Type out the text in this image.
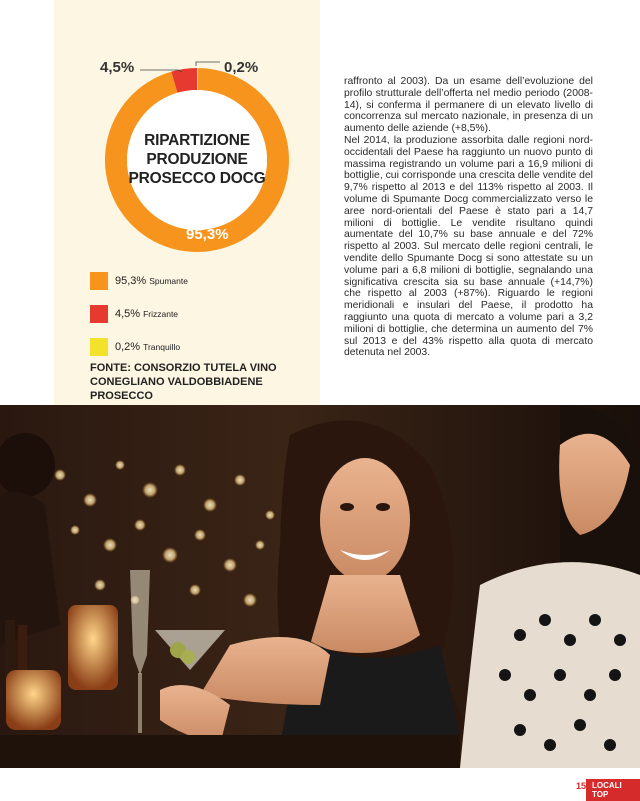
RIPARTIZIONE
PRODUZIONE
PROSECCO DOCG
4,5%	0,2%
95,3%
95,3% Spumante
4,5% Frizzante
0,2% Tranquillo
FONTE: CONSORZIO TUTELA VINO
CONEGLIANO VALDOBBIADENE PROSECCO

raffronto al 2003). Da un esame dell’evoluzione del profilo strutturale dell’offerta nel medio periodo (2008-14), si conferma il permanere di un elevato livello di concorrenza sul mercato nazionale, in presenza di un aumento delle aziende (+8,5%).

Nel 2014, la produzione assorbita dalle regioni nord-occidentali del Paese ha raggiunto un nuovo punto di massima registrando un volume pari a 16,9 milioni di bottiglie, cui corrisponde una crescita delle vendite del 9,7% rispetto al 2013 e del 113% rispetto al 2003. Il volume di Spumante Docg commercializzato verso le aree nord-orientali del Paese è stato pari a 14,7 milioni di bottiglie. Le vendite risultano quindi aumentate del 10,7% su base annuale e del 72% rispetto al 2003. Sul mercato delle regioni centrali, le vendite dello Spumante Docg si sono attestate su un volume pari a 6,8 milioni di bottiglie, segnalando una significativa crescita sia su base annuale (+14,7%) che rispetto al 2003 (+87%). Riguardo le regioni meridionali e insulari del Paese, il prodotto ha raggiunto una quota di mercato a volume pari a 3,2 milioni di bottiglie, che determina un aumento del 7% sul 2013 e del 43% rispetto alla quota di mercato detenuta nel 2003.

15 LOCALI TOP
